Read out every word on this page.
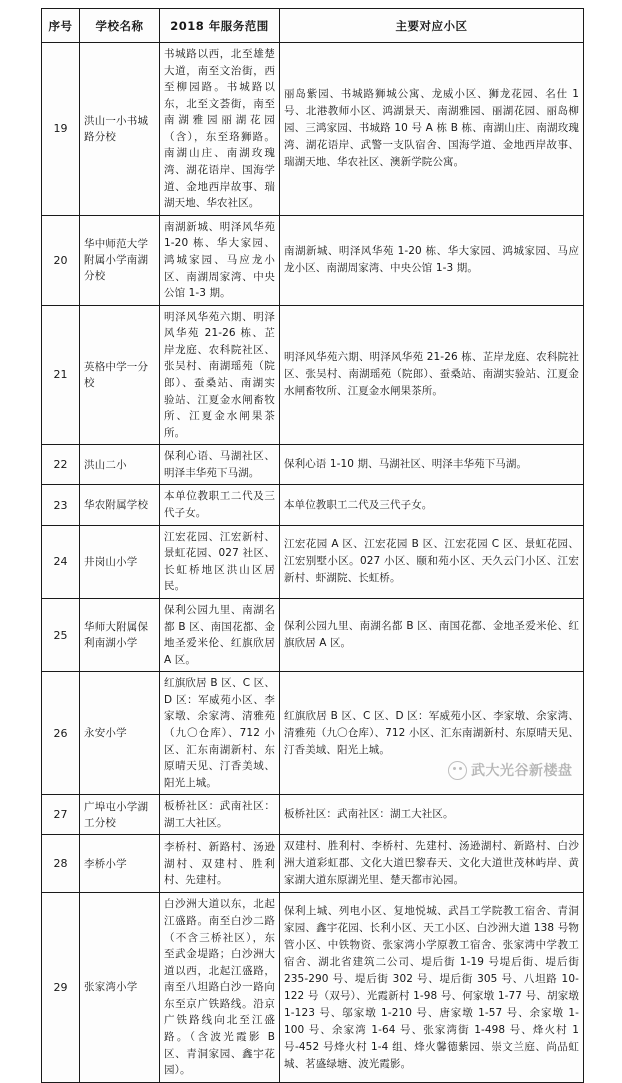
序号	学校名称	2018 年服务范围	主要对应小区
19	洪山一小书城路分校	书城路以西，北至雄楚大道，南至文治街，西至柳园路。书城路以东，北至文荟街，南至南湖雅园丽湖花园（含），东至珞狮路。南湖山庄、南湖玫瑰湾、湖花语岸、国海学道、金地西岸故事、瑞湖天地、华农社区。	丽岛紫园、书城路狮城公寓、龙威小区、狮龙花园、名仕 1 号、北港教师小区、鸿湖景天、南湖雅园、丽湖花园、丽岛柳园、三鸿家园、书城路 10 号 A 栋 B 栋、南湖山庄、南湖玫瑰湾、湖花语岸、武警一支队宿舍、国海学道、金地西岸故事、瑞湖天地、华农社区、澳新学院公寓。
20	华中师范大学附属小学南湖分校	南湖新城、明泽风华苑 1-20 栋、华大家园、鸿城家园、马应龙小区、南湖周家湾、中央公馆 1-3 期。	南湖新城、明泽风华苑 1-20 栋、华大家园、鸿城家园、马应龙小区、南湖周家湾、中央公馆 1-3 期。
21	英格中学一分校	明泽风华苑六期、明泽风华苑 21-26 栋、芷岸龙庭、农科院社区、张吴村、南湖瑶苑（院郎）、蚕桑站、南湖实验站、江夏金水闸畜牧所、江夏金水闸果茶所。	明泽风华苑六期、明泽风华苑 21-26 栋、芷岸龙庭、农科院社区、张吴村、南湖瑶苑（院郎）、蚕桑站、南湖实验站、江夏金水闸畜牧所、江夏金水闸果茶所。
22	洪山二小	保利心语、马湖社区、明泽丰华苑下马湖。	保利心语 1-10 期、马湖社区、明泽丰华苑下马湖。
23	华农附属学校	本单位教职工二代及三代子女。	本单位教职工二代及三代子女。
24	井岗山小学	江宏花园、江宏新村、景虹花园、027 社区、长虹桥地区洪山区居民。	江宏花园 A 区、江宏花园 B 区、江宏花园 C 区、景虹花园、江宏别墅小区。027 小区、颐和苑小区、天久云门小区、江宏新村、虾湖院、长虹桥。
25	华师大附属保利南湖小学	保利公园九里、南湖名都 B 区、南国花都、金地圣爱米伦、红旗欣居 A 区。	保利公园九里、南湖名都 B 区、南国花都、金地圣爱米伦、红旗欣居 A 区。
26	永安小学	红旗欣居 B 区、C 区、D 区：军威苑小区、李家墩、余家湾、清雅苑（九〇仓库）、712 小区、汇东南湖新村、东原晴天见、汀香美域、阳光上城。	红旗欣居 B 区、C 区、D 区：军威苑小区、李家墩、余家湾、清雅苑（九〇仓库）、712 小区、汇东南湖新村、东原晴天见、汀香美域、阳光上城。
27	广埠屯小学湖工分校	板桥社区：武南社区：湖工大社区。	板桥社区：武南社区：湖工大社区。
28	李桥小学	李桥村、新路村、汤逊湖村、双建村、胜利村、先建村。	双建村、胜利村、李桥村、先建村、汤逊湖村、新路村、白沙洲大道彩虹郡、文化大道巴黎春天、文化大道世茂林屿岸、黄家湖大道东原湖光里、楚天都市沁园。
29	张家湾小学	白沙洲大道以东，北起江盛路。南至白沙二路（不含三桥社区），东至武金堤路；白沙洲大道以西，北起江盛路，南至八坦路白沙一路向东至京广铁路线。沿京广铁路线向北至江盛路。（含波光霞影 B 区、青洞家园、鑫宇花园）。	保利上城、列电小区、复地悦城、武昌工学院教工宿舍、青洞家园、鑫宇花园、长利小区、天工小区、白沙洲大道 138 号物管小区、中铁物资、张家湾小学原教工宿舍、张家湾中学教工宿舍、湖北省建筑二公司、堤后街 1-19 号堤后街、堤后街 235-290 号、堤后街 302 号、堤后街 305 号、八坦路 10-122 号（双号）、光霞新村 1-98 号、何家墩 1-77 号、胡家墩 1-123 号、邬家墩 1-210 号、唐家墩 1-57 号、余家墩 1-100 号、余家湾 1-64 号、张家湾街 1-498 号、烽火村 1 号-452 号烽火村 1-4 组、烽火馨德紫园、崇文兰庭、尚品虹城、茗盛绿塘、波光霞影。
武大光谷新楼盘
